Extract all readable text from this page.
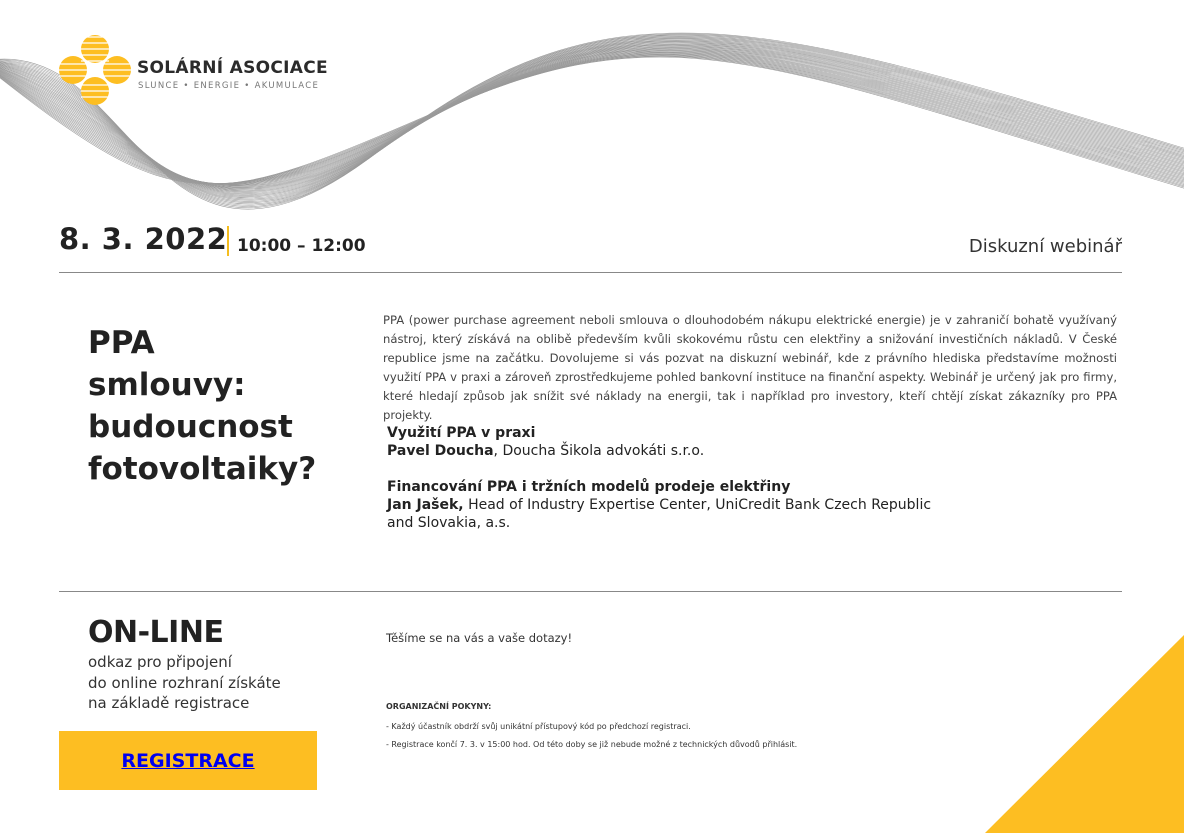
SOLÁRNÍ ASOCIACE
SLUNCE • ENERGIE • AKUMULACE
8. 3. 2022 10:00 – 12:00	Diskuzní webinář
PPA
smlouvy:
budoucnost
fotovoltaiky?
PPA (power purchase agreement neboli smlouva o dlouhodobém nákupu elektrické energie) je v zahraničí bohatě využívaný nástroj, který získává na oblibě především kvůli skokovému růstu cen elektřiny a snižování investičních nákladů. V České republice jsme na začátku. Dovolujeme si vás pozvat na diskuzní webinář, kde z právního hlediska představíme možnosti využití PPA v praxi a zároveň zprostředkujeme pohled bankovní instituce na finanční aspekty. Webinář je určený jak pro firmy, které hledají způsob jak snížit své náklady na energii, tak i například pro investory, kteří chtějí získat zákazníky pro PPA projekty.
Využití PPA v praxi
Pavel Doucha, Doucha Šikola advokáti s.r.o.
Financování PPA i tržních modelů prodeje elektřiny
Jan Jašek, Head of Industry Expertise Center, UniCredit Bank Czech Republic
and Slovakia, a.s.
ON-LINE
odkaz pro připojení
do online rozhraní získáte
na základě registrace
REGISTRACE
Těšíme se na vás a vaše dotazy!
ORGANIZAČNÍ POKYNY:
- Každý účastník obdrží svůj unikátní přístupový kód po předchozí registraci.
- Registrace končí 7. 3. v 15:00 hod. Od této doby se již nebude možné z technických důvodů přihlásit.
